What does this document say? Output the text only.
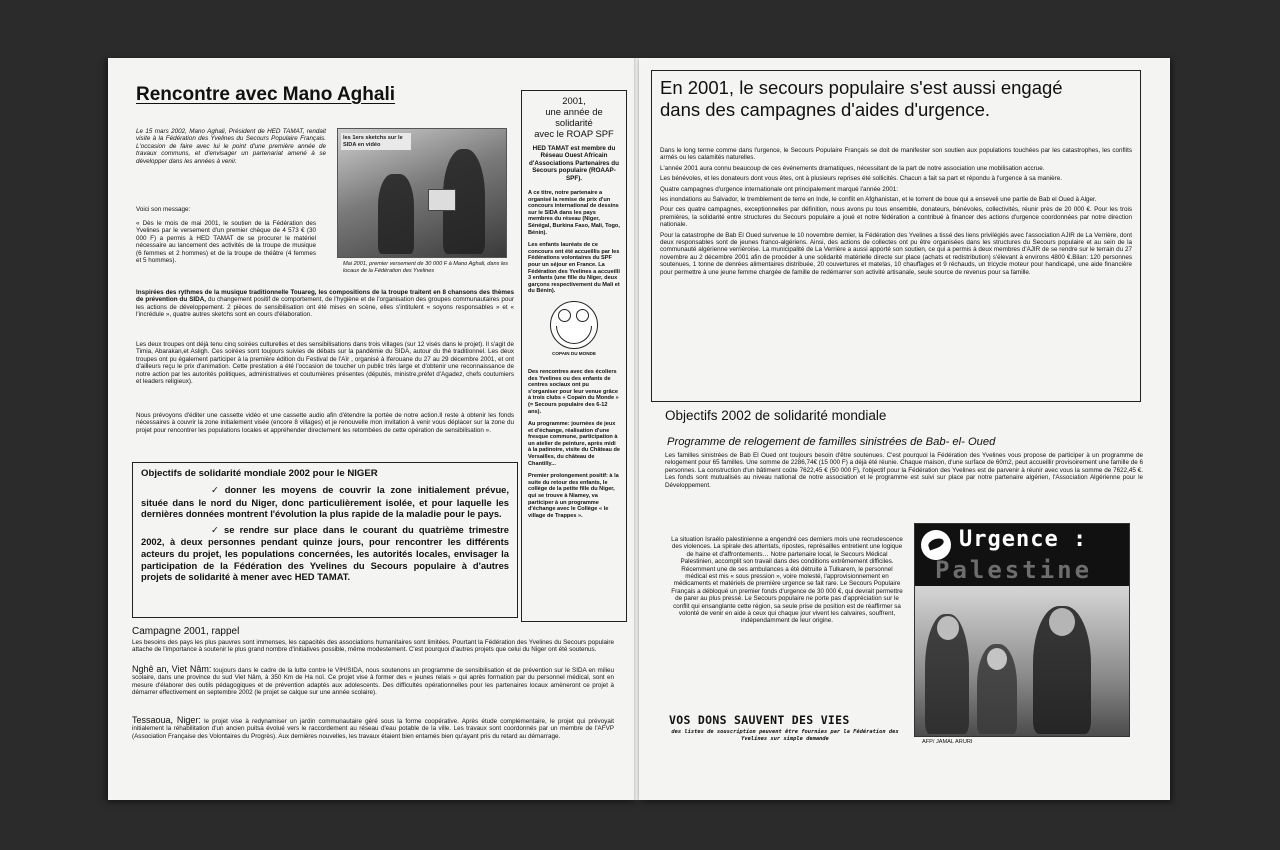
Rencontre avec Mano Aghali
Le 15 mars 2002, Mano Aghali, Président de HED TAMAT, rendait visite à la Fédération des Yvelines du Secours Populaire Français. L'occasion de faire avec lui le point d'une première année de travaux communs, et d'envisager un partenariat amené à se développer dans les années à venir.
les 1ers sketchs sur le SIDA en vidéo
Mai 2001, premier versement de 30 000 F à Mano Aghali, dans les locaux de la Fédération des Yvelines
Voici son message:
« Dès le mois de mai 2001, le soutien de la Fédération des Yvelines par le versement d'un premier chèque de 4 573 € (30 000 F) a permis à HED TAMAT de se procurer le matériel nécessaire au lancement des activités de la troupe de musique (6 femmes et 2 hommes) et de la troupe de théâtre (4 femmes et 5 hommes).
Inspirées des rythmes de la musique traditionnelle Touareg, les compositions de la troupe traitent en 8 chansons des thèmes de prévention du SIDA, du changement positif de comportement, de l'hygiène et de l'organisation des groupes communautaires pour les actions de développement. 2 pièces de sensibilisation ont été mises en scène, elles s'intitulent « soyons responsables » et « l'incrédule », quatre autres sketchs sont en cours d'élaboration.
Les deux troupes ont déjà tenu cinq soirées culturelles et des sensibilisations dans trois villages (sur 12 visés dans le projet). Il s'agit de Timia, Abarakan,et Asligh. Ces soirées sont toujours suivies de débats sur la pandémie du SIDA, autour du thé traditionnel. Les deux troupes ont pu également participer à la première édition du Festival de l'Aïr , organisé à Iferouane du 27 au 29 décembre 2001, et ont d'ailleurs reçu le prix d'animation. Cette prestation a été l'occasion de toucher un public très large et d'obtenir une reconnaissance de notre action par les autorités politiques, administratives et coutumières présentes (députés, ministre,préfet d'Agadez, chefs coutumiers et leaders religieux).
Nous prévoyons d'éditer une cassette vidéo et une cassette audio afin d'étendre la portée de notre action.Il reste à obtenir les fonds nécessaires à couvrir la zone initialement visée (encore 8 villages) et je renouvelle mon invitation à venir vous déplacer sur la zone du projet pour rencontrer les populations locales et appréhender directement les retombées de cette opération de sensibilisation ».
Objectifs de solidarité mondiale 2002 pour le NIGER
✓ donner les moyens de couvrir la zone initialement prévue, située dans le nord du Niger, donc particulièrement isolée, et pour laquelle les dernières données montrent l'évolution la plus rapide de la maladie pour le pays.
✓ se rendre sur place dans le courant du quatrième trimestre 2002, à deux personnes pendant quinze jours, pour rencontrer les différents acteurs du projet, les populations concernées, les autorités locales, envisager la participation de la Fédération des Yvelines du Secours populaire à d'autres projets de solidarité à mener avec HED TAMAT.
Campagne 2001, rappel
Les besoins des pays les plus pauvres sont immenses, les capacités des associations humanitaires sont limitées. Pourtant la Fédération des Yvelines du Secours populaire attache de l'importance à soutenir le plus grand nombre d'initiatives possible, même modestement. C'est pourquoi d'autres projets que celui du Niger ont été soutenus.
Nghê an, Viet Nâm: toujours dans le cadre de la lutte contre le VIH/SIDA, nous soutenons un programme de sensibilisation et de prévention sur le SIDA en milieu scolaire, dans une province du sud Viet Nâm, à 350 Km de Ha noï. Ce projet vise à former des « jeunes relais » qui après formation par du personnel médical, sont en mesure d'élaborer des outils pédagogiques et de prévention adaptés aux adolescents. Des difficultés opérationnelles pour les partenaires locaux amèneront ce projet à démarrer effectivement en septembre 2002 (le projet se calque sur une année scolaire).
Tessaoua, Niger: le projet vise à redynamiser un jardin communautaire géré sous la forme coopérative. Après étude complémentaire, le projet qui prévoyait initialement la réhabilitation d'un ancien puitsa évolué vers le raccordement au réseau d'eau potable de la ville. Les travaux sont coordonnés par un membre de l'AFVP (Association Française des Volontaires du Progrès). Aux dernières nouvelles, les travaux étaient bien entamés bien qu'ayant pris du retard au démarrage.
2001,
une année de
solidarité
avec le ROAP SPF
HED TAMAT est membre du Réseau Ouest Africain d'Associations Partenaires du Secours populaire (ROAAP-SPF).
A ce titre, notre partenaire a organisé la remise de prix d'un concours international de dessins sur le SIDA dans les pays membres du réseau (Niger, Sénégal, Burkina Faso, Mali, Togo, Bénin).
Les enfants lauréats de ce concours ont été accueillis par les Fédérations volontaires du SPF pour un séjour en France. La Fédération des Yvelines a accueilli 3 enfants (une fille du Niger, deux garçons respectivement du Mali et du Bénin).
COPAIN DU MONDE
Des rencontres avec des écoliers des Yvelines ou des enfants de centres sociaux ont pu s'organiser pour leur venue grâce à trois clubs « Copain du Monde » (= Secours populaire des 6-12 ans).
Au programme: journées de jeux et d'échange, réalisation d'une fresque commune, participation à un atelier de peinture, après midi à la patinoire, visite du Château de Versailles, du château de Chantilly...
Premier prolongement positif: à la suite du retour des enfants, le collège de la petite fille du Niger, qui se trouve à Niamey, va participer à un programme d'échange avec le Collège « le village de Trappes ».
En 2001, le secours populaire s'est aussi engagé dans des campagnes d'aides d'urgence.

Dans le long terme comme dans l'urgence, le Secours Populaire Français se doit de manifester son soutien aux populations touchées par les catastrophes, les conflits armés ou les calamités naturelles.

L'année 2001 aura connu beaucoup de ces événements dramatiques, nécessitant de la part de notre association une mobilisation accrue.

Les bénévoles, et les donateurs dont vous êtes, ont à plusieurs reprises été sollicités. Chacun a fait sa part et répondu à l'urgence à sa manière.

Quatre campagnes d'urgence internationale ont principalement marqué l'année 2001:

les inondations au Salvador, le tremblement de terre en Inde, le conflit en Afghanistan, et le torrent de boue qui a enseveli une partie de Bab el Oued à Alger.

Pour ces quatre campagnes, exceptionnelles par définition, nous avons pu tous ensemble, donateurs, bénévoles, collectivités, réunir près de 20 000 €. Pour les trois premières, la solidarité entre structures du Secours populaire a joué et notre fédération a contribué à financer des actions d'urgence coordonnées par notre direction nationale.

Pour la catastrophe de Bab El Oued survenue le 10 novembre dernier, la Fédération des Yvelines a tissé des liens privilégiés avec l'association AJIR de La Verrière, dont deux responsables sont de jeunes franco-algériens. Ainsi, des actions de collectes ont pu être organisées dans les structures du Secours populaire et au sein de la communauté algérienne verrièroise. La municipalité de La Verrière a aussi apporté son soutien, ce qui a permis à deux membres d'AJIR de se rendre sur le terrain du 27 novembre au 2 décembre 2001 afin de procéder à une solidarité matérielle directe sur place (achats et redistribution) s'élevant à environs 4800 €.Bilan: 120 personnes soutenues, 1 tonne de denrées alimentaires distribuée, 20 couvertures et matelas, 10 chauffages et 9 réchauds, un tricycle moteur pour handicapé, une aide financière pour permettre à une jeune femme chargée de famille de redémarrer son activité artisanale, seule source de revenus pour sa famille.

Objectifs 2002 de solidarité mondiale
Programme de relogement de familles sinistrées de Bab- el- Oued
Les familles sinistrées de Bab El Oued ont toujours besoin d'être soutenues. C'est pourquoi la Fédération des Yvelines vous propose de participer à un programme de relogement pour 65 familles. Une somme de 2286,74€ (15 000 F) a déjà été réunie. Chaque maison, d'une surface de 60m2, peut accueillir provisoirement une famille de 6 personnes. La construction d'un bâtiment coûte 7622,45 € (50 000 F), l'objectif pour la Fédération des Yvelines est de parvenir à réunir avec vous la somme de 7622,45 €. Les fonds sont mutualisés au niveau national de notre association et le programme est suivi sur place par notre partenaire algérien, l'Association Algérienne pour le Développement.
La situation Israélo palestinienne a engendré ces derniers mois une recrudescence des violences. La spirale des attentats, ripostes, représailles entretient une logique de haine et d'affrontements… Notre partenaire local, le Secours Médical Palestinien, accomplit son travail dans des conditions extrêmement difficiles. Récemment une de ses ambulances a été détruite à Tulkarem, le personnel médical est mis « sous pression », voire molesté, l'approvisionnement en médicaments et matériels de première urgence se fait rare. Le Secours Populaire Français a débloqué un premier fonds d'urgence de 30 000 €, qui devrait permettre de parer au plus pressé. Le Secours populaire ne porte pas d'appréciation sur le conflit qui ensanglante cette région, sa seule prise de position est de réaffirmer sa volonté de venir en aide à ceux qui chaque jour vivent les calvaires, souffrent, indépendamment de leur origine.
Urgence :
Palestine
AFP/ JAMAL ARURI
VOS DONS SAUVENT DES VIES
des listes de souscription peuvent être fournies par la Fédération des Yvelines sur simple demande
